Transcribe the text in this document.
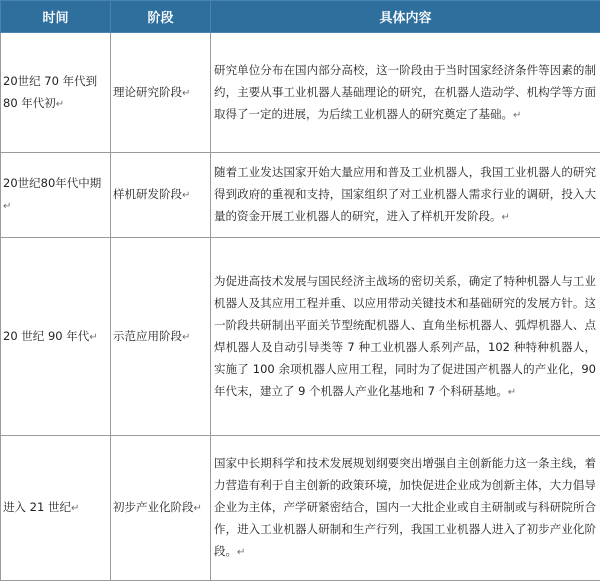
时间	阶段	具体内容
20世纪 70 年代到 80 年代初↵	理论研究阶段↵	研究单位分布在国内部分高校，这一阶段由于当时国家经济条件等因素的制约，主要从事工业机器人基础理论的研究，在机器人造动学、机构学等方面取得了一定的进展，为后续工业机器人的研究奠定了基础。↵
20世纪80年代中期↵	样机研发阶段↵	随着工业发达国家开始大量应用和普及工业机器人，我国工业机器人的研究得到政府的重视和支持，国家组织了对工业机器人需求行业的调研，投入大量的资金开展工业机器人的研究，进入了样机开发阶段。↵
20 世纪 90 年代↵	示范应用阶段↵	为促进高技术发展与国民经济主战场的密切关系，确定了特种机器人与工业机器人及其应用工程并重、以应用带动关键技术和基础研究的发展方针。这一阶段共研制出平面关节型统配机器人、直角坐标机器人、弧焊机器人、点焊机器人及自动引导类等 7 种工业机器人系列产品，102 种特种机器人，实施了 100 余项机器人应用工程，同时为了促进国产机器人的产业化，90 年代末，建立了 9 个机器人产业化基地和 7 个科研基地。↵
进入 21 世纪↵	初步产业化阶段↵	国家中长期科学和技术发展规划纲要突出增强自主创新能力这一条主线，着力营造有利于自主创新的政策环境，加快促进企业成为创新主体，大力倡导企业为主体，产学研紧密结合，国内一大批企业或自主研制或与科研院所合作，进入工业机器人研制和生产行列，我国工业机器人进入了初步产业化阶段。↵
